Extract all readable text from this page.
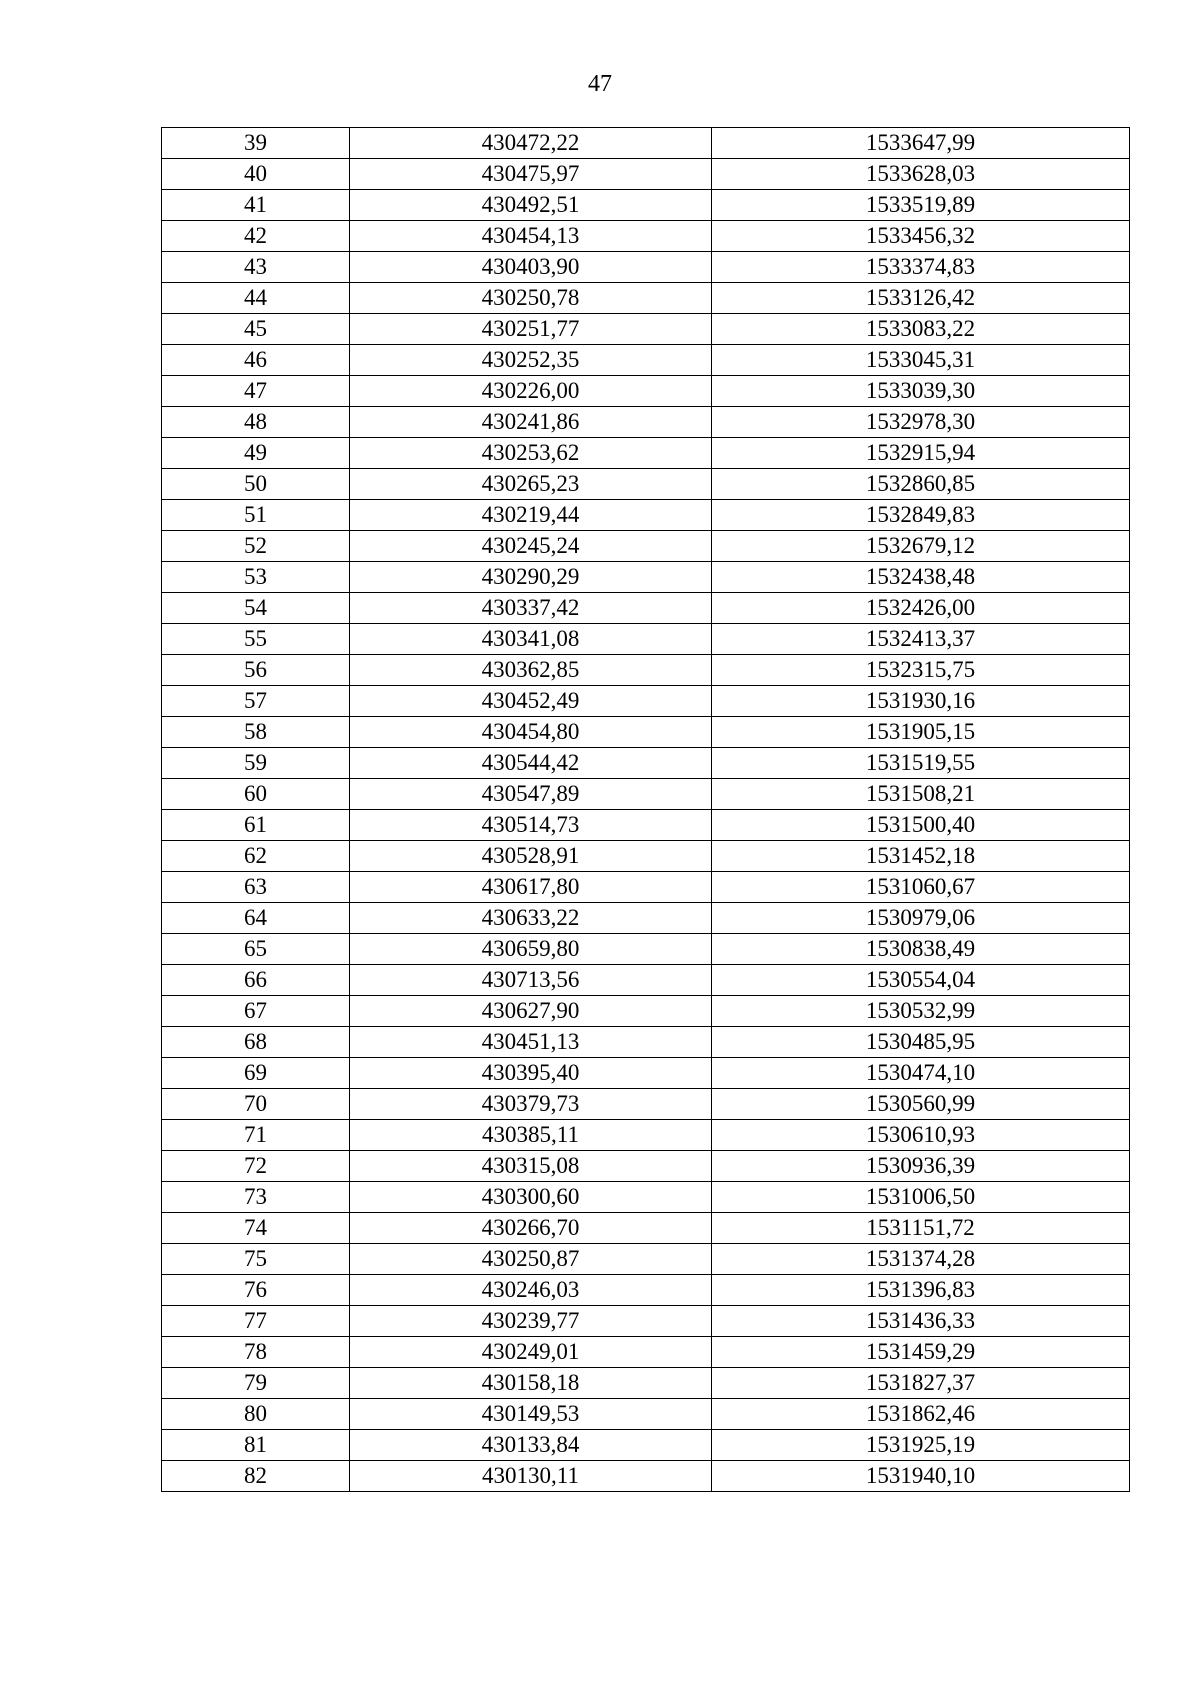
47
39	430472,22	1533647,99
40	430475,97	1533628,03
41	430492,51	1533519,89
42	430454,13	1533456,32
43	430403,90	1533374,83
44	430250,78	1533126,42
45	430251,77	1533083,22
46	430252,35	1533045,31
47	430226,00	1533039,30
48	430241,86	1532978,30
49	430253,62	1532915,94
50	430265,23	1532860,85
51	430219,44	1532849,83
52	430245,24	1532679,12
53	430290,29	1532438,48
54	430337,42	1532426,00
55	430341,08	1532413,37
56	430362,85	1532315,75
57	430452,49	1531930,16
58	430454,80	1531905,15
59	430544,42	1531519,55
60	430547,89	1531508,21
61	430514,73	1531500,40
62	430528,91	1531452,18
63	430617,80	1531060,67
64	430633,22	1530979,06
65	430659,80	1530838,49
66	430713,56	1530554,04
67	430627,90	1530532,99
68	430451,13	1530485,95
69	430395,40	1530474,10
70	430379,73	1530560,99
71	430385,11	1530610,93
72	430315,08	1530936,39
73	430300,60	1531006,50
74	430266,70	1531151,72
75	430250,87	1531374,28
76	430246,03	1531396,83
77	430239,77	1531436,33
78	430249,01	1531459,29
79	430158,18	1531827,37
80	430149,53	1531862,46
81	430133,84	1531925,19
82	430130,11	1531940,10
